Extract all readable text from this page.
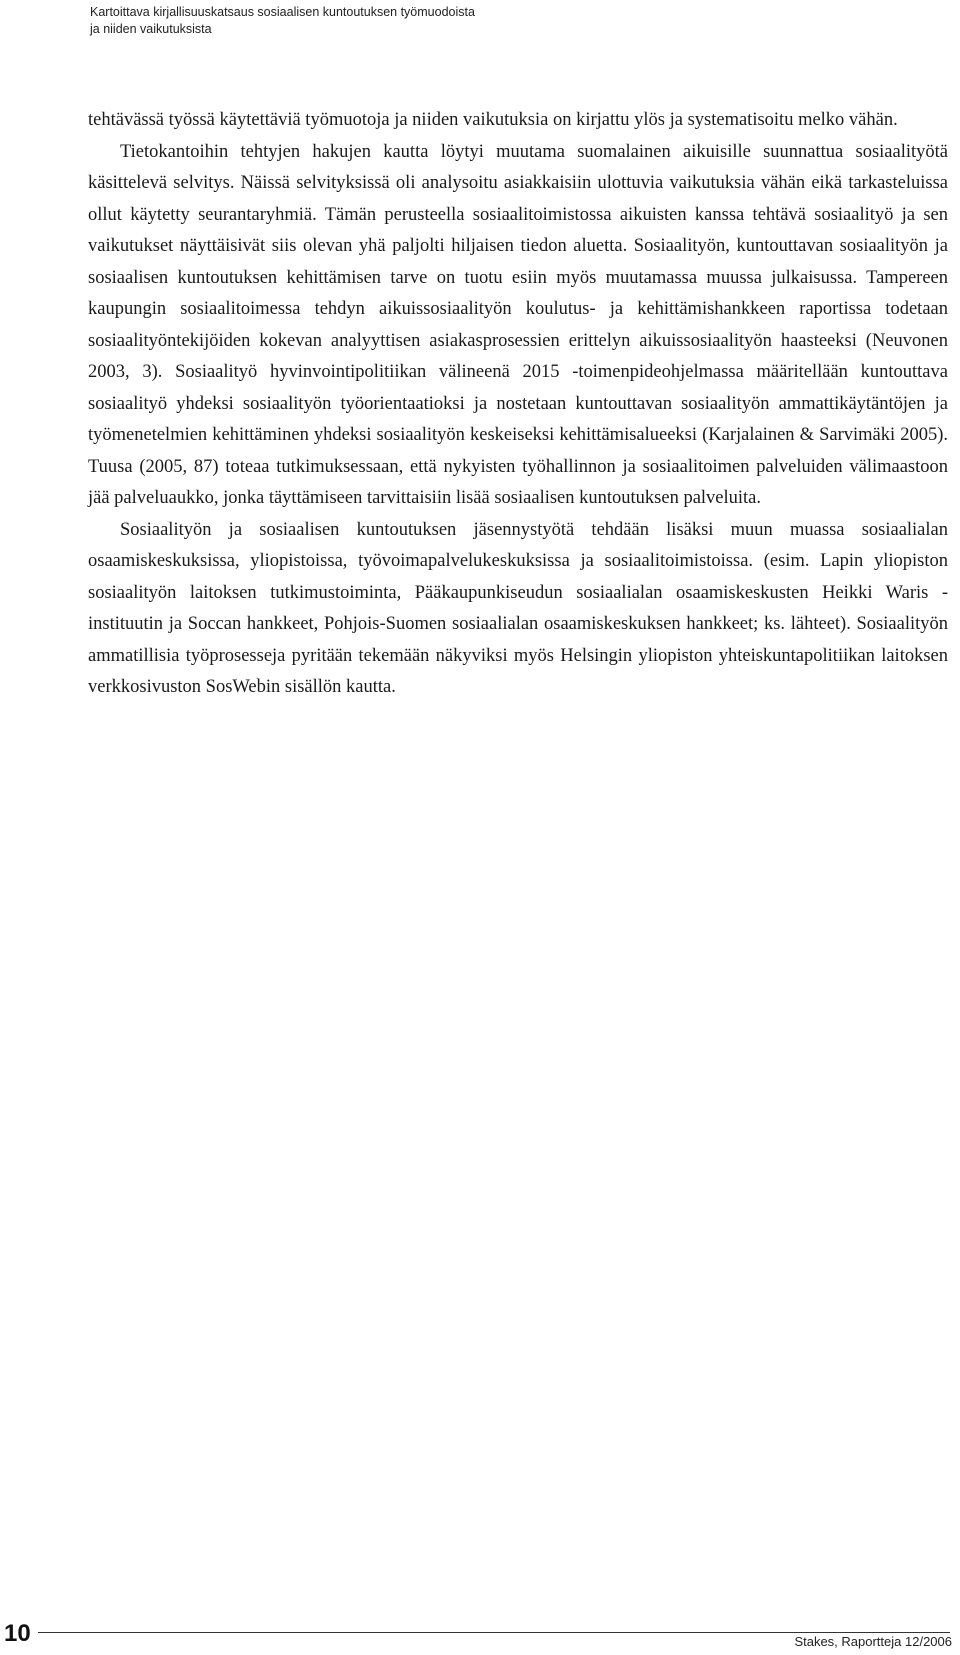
Kartoittava kirjallisuuskatsaus sosiaalisen kuntoutuksen työmuodoista
ja niiden vaikutuksista

tehtävässä työssä käytettäviä työmuotoja ja niiden vaikutuksia on kirjattu ylös ja systematisoitu melko vähän.

Tietokantoihin tehtyjen hakujen kautta löytyi muutama suomalainen aikuisille suunnattua sosiaalityötä käsittelevä selvitys. Näissä selvityksissä oli analysoitu asiakkaisiin ulottuvia vaikutuksia vähän eikä tarkasteluissa ollut käytetty seurantaryhmiä. Tämän perusteella sosiaalitoimistossa aikuisten kanssa tehtävä sosiaalityö ja sen vaikutukset näyttäisivät siis olevan yhä paljolti hiljaisen tiedon aluetta. Sosiaalityön, kuntouttavan sosiaalityön ja sosiaalisen kuntoutuksen kehittämisen tarve on tuotu esiin myös muutamassa muussa julkaisussa. Tampereen kaupungin sosiaalitoimessa tehdyn aikuissosiaalityön koulutus- ja kehittämishankkeen raportissa todetaan sosiaalityöntekijöiden kokevan analyyttisen asiakasprosessien erittelyn aikuissosiaalityön haasteeksi (Neuvonen 2003, 3). Sosiaalityö hyvinvointipolitiikan välineenä 2015 -toimenpideohjelmassa määritellään kuntouttava sosiaalityö yhdeksi sosiaalityön työorientaatioksi ja nostetaan kuntouttavan sosiaalityön ammattikäytäntöjen ja työmenetelmien kehittäminen yhdeksi sosiaalityön keskeiseksi kehittämisalueeksi (Karjalainen & Sarvimäki 2005). Tuusa (2005, 87) toteaa tutkimuksessaan, että nykyisten työhallinnon ja sosiaalitoimen palveluiden välimaastoon jää palveluaukko, jonka täyttämiseen tarvittaisiin lisää sosiaalisen kuntoutuksen palveluita.

Sosiaalityön ja sosiaalisen kuntoutuksen jäsennystyötä tehdään lisäksi muun muassa sosiaalialan osaamiskeskuksissa, yliopistoissa, työvoimapalvelukeskuksissa ja sosiaalitoimistoissa. (esim. Lapin yliopiston sosiaalityön laitoksen tutkimustoiminta, Pääkaupunkiseudun sosiaalialan osaamiskeskusten Heikki Waris -instituutin ja Soccan hankkeet, Pohjois-Suomen sosiaalialan osaamiskeskuksen hankkeet; ks. lähteet). Sosiaalityön ammatillisia työprosesseja pyritään tekemään näkyviksi myös Helsingin yliopiston yhteiskuntapolitiikan laitoksen verkkosivuston SosWebin sisällön kautta.

10	Stakes, Raportteja 12/2006
